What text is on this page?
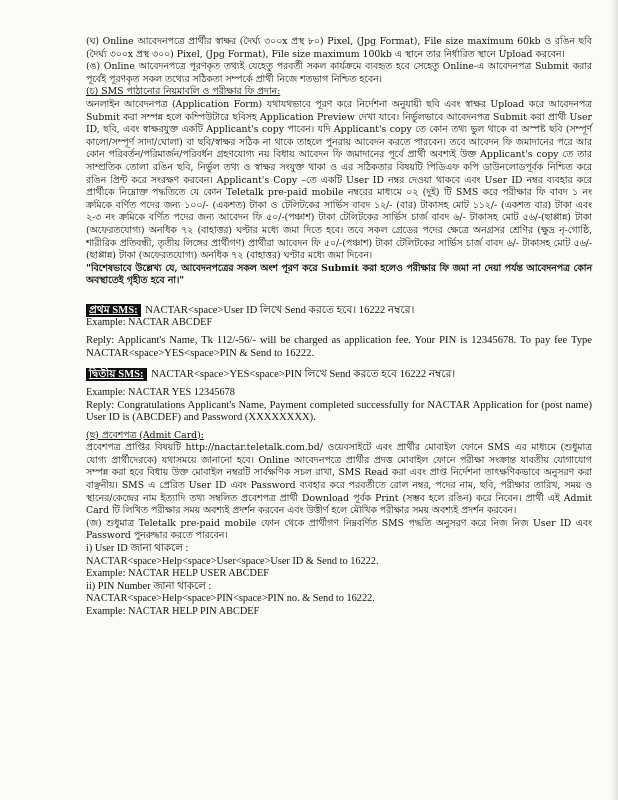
(ঘ) Online আবেদনপত্রে প্রার্থীর স্বাক্ষর (দৈর্ঘ্য ৩০০x প্রস্থ ৮০) Pixel, (Jpg Format), File size maximum 60kb ও রঙিন ছবি (দৈর্ঘ্য ৩০০x প্রস্থ ৩০০) Pixel, (Jpg Format), File size maximum 100kb এ স্থানে তার নির্ধারিত স্থানে Upload করবেন।

(ঙ) Online আবেদনপত্রে পূরণকৃত তথ্যই যেহেতু পরবর্তী সকল কার্যক্রমে ব্যবহৃত হবে সেহেতু Online-এ আবেদনপত্র Submit করার পূর্বেই পূরণকৃত সকল তথ্যের সঠিকতা সম্পর্কে প্রার্থী নিজে শতভাগ নিশ্চিত হবেন।

(চ) SMS পাঠানোর নিয়মাবলি ও পরীক্ষার ফি প্রদান:

অনলাইন আবেদনপত্র (Application Form) যথাযথভাবে পূরণ করে নির্দেশনা অনুযায়ী ছবি এবং স্বাক্ষর Upload করে আবেদনপত্র Submit করা সম্পন্ন হলে কম্পিউটারে ছবিসহ Application Preview দেখা যাবে। নির্ভুলভাবে আবেদনপত্র Submit করা প্রার্থী User ID, ছবি, এবং স্বাক্ষরযুক্ত একটি Applicant's copy পাবেন। যদি Applicant's copy তে কোন তথ্য ভুল থাকে বা অস্পষ্ট ছবি (সম্পূর্ণ কালো/সম্পূর্ণ সাদা/ঘোলা) বা ছবি/স্বাক্ষর সঠিক না থাকে তাহলে পুনরায় আবেদন করতে পারবেন। তবে আবেদন ফি জমাদানের পরে আর কোন পরিবর্তন/পরিমার্জন/পরিবর্ধন গ্রহণযোগ্য নয় বিধায় আবেদন ফি জমাদানের পূর্বে প্রার্থী অবশ্যই উক্ত Applicant's copy তে তার সাম্প্রতিক তোলা রঙিন ছবি, নির্ভুল তথ্য ও স্বাক্ষর সংযুক্ত থাকা ও এর সঠিকতার বিষয়টি পিডিএফ কপি ডাউনলোডপূর্বক নিশ্চিত করে রঙিন প্রিন্ট করে সংরক্ষণ করবেন। Applicant's Copy –তে একটি User ID নম্বর দেওয়া থাকবে এবং User ID নম্বর ব্যবহার করে প্রার্থীকে নিম্নোক্ত পদ্ধতিতে যে কোন Teletalk pre-paid mobile নম্বরের মাধ্যমে ০২ (দুই) টি SMS করে পরীক্ষার ফি বাবদ ১ নং ক্রমিকে বর্ণিত পদের জন্য ১০০/- (একশত) টাকা ও টেলিটকের সার্ভিস বাবদ ১২/- (বার) টাকাসহ মোট ১১২/- (একশত বার) টাকা এবং ২-৩ নং ক্রমিকে বর্ণিত পদের জন্য আবেদন ফি ৫০/-(পঞ্চাশ) টাকা টেলিটকের সার্ভিস চার্জ বাবদ ৬/- টাকাসহ মোট ৫৬/-(ছাপ্পান্ন) টাকা (অফেরতযোগ্য) অনধিক ৭২ (বাহাত্তর) ঘণ্টার মধ্যে জমা দিতে হবে। তবে সকল গ্রেডের পদের ক্ষেত্রে অনগ্রসর শ্রেণির (ক্ষুদ্র নৃ-গোষ্ঠি, শারীরিক প্রতিবন্ধী, তৃতীয় লিঙ্গের প্রার্থীগণ) প্রার্থীরা আবেদন ফি ৫০/-(পঞ্চাশ) টাকা টেলিটকের সার্ভিস চার্জ বাবদ ৬/- টাকাসহ মোট ৫৬/-(ছাপ্পান্ন) টাকা (অফেরতযোগ্য) অনধিক ৭২ (বাহাত্তর) ঘণ্টার মধ্যে জমা দিবেন।

"বিশেষভাবে উল্লেখ্য যে, আবেদনপত্রের সকল অংশ পূরণ করে Submit করা হলেও পরীক্ষার ফি জমা না দেয়া পর্যন্ত আবেদনপত্র কোন অবস্থাতেই গৃহীত হবে না।"

প্রথম SMS: NACTAR<space>User ID লিখে Send করতে হবে। 16222 নম্বরে।

Example: NACTAR ABCDEF

Reply: Applicant's Name, Tk 112/-56/- will be charged as application fee. Your PIN is 12345678. To pay fee Type NACTAR<space>YES<space>PIN & Send to 16222.

দ্বিতীয় SMS: NACTAR<space>YES<space>PIN লিখে Send করতে হবে 16222 নম্বরে।

Example: NACTAR YES 12345678

Reply: Congratulations Applicant's Name, Payment completed successfully for NACTAR Application for (post name) User ID is (ABCDEF) and Password (XXXXXXXX).

(ছ) প্রবেশপত্র (Admit Card):

প্রবেশপত্র প্রাপ্তির বিষয়টি http://nactar.teletalk.com.bd/ ওয়েবসাইটে এবং প্রার্থীর মোবাইল ফোনে SMS এর মাধ্যমে (শুধুমাত্র যোগ্য প্রার্থীদেরকে) যথাসময়ে জানানো হবে। Online আবেদনপত্রে প্রার্থীর প্রদত্ত মোবাইল ফোনে পরীক্ষা সংক্রান্ত যাবতীয় যোগাযোগ সম্পন্ন করা হবে বিধায় উক্ত মোবাইল নম্বরটি সার্বক্ষণিক সচল রাখা, SMS Read করা এবং প্রাপ্ত নির্দেশনা তাৎক্ষণিকভাবে অনুসরণ করা বাঞ্ছনীয়। SMS এ প্রেরিত User ID এবং Password ব্যবহার করে পরবর্তীতে রোল নম্বর, পদের নাম, ছবি, পরীক্ষার তারিখ, সময় ও স্থানের/কেন্দ্রের নাম ইত্যাদি তথ্য সম্বলিত প্রবেশপত্র প্রার্থী Download পূর্বক Print (সম্ভব হলে রঙিন) করে নিবেন। প্রার্থী এই Admit Card টি লিখিত পরীক্ষার সময় অবশ্যই প্রদর্শন করবেন এবং উত্তীর্ণ হলে মৌখিক পরীক্ষার সময় অবশ্যই প্রদর্শন করবেন।

(জ) শুধুমাত্র Teletalk pre-paid mobile ফোন থেকে প্রার্থীগণ নিম্নবর্ণিত SMS পদ্ধতি অনুসরণ করে নিজ নিজ User ID এবং Password পুনরুদ্ধার করতে পারবেন।

i) User ID জানা থাকলে :

NACTAR<space>Help<space>User<space>User ID & Send to 16222.

Example: NACTAR HELP USER ABCDEF

ii) PIN Number জানা থাকলে :

NACTAR<space>Help<space>PIN<space>PIN no. & Send to 16222.

Example: NACTAR HELP PIN ABCDEF
